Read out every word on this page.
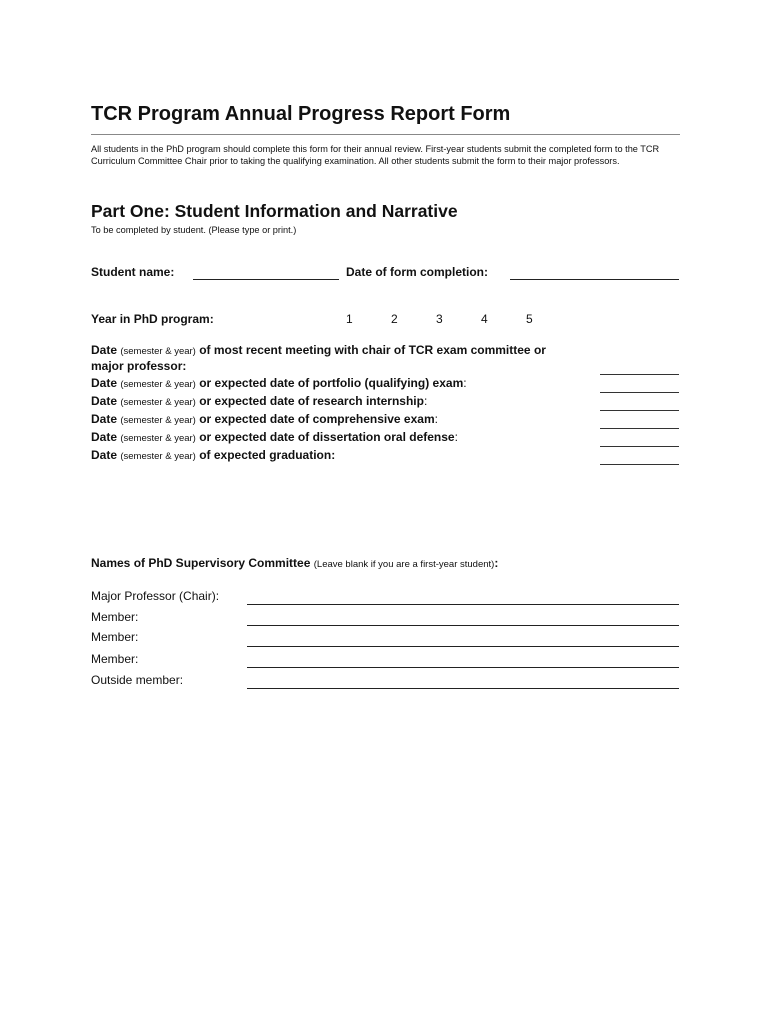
TCR Program Annual Progress Report Form
All students in the PhD program should complete this form for their annual review. First-year students submit the completed form to the TCR Curriculum Committee Chair prior to taking the qualifying examination. All other students submit the form to their major professors.
Part One: Student Information and Narrative
To be completed by student. (Please type or print.)
Student name:	Date of form completion:
Year in PhD program:	1	2	3	4	5
Date (semester & year) of most recent meeting with chair of TCR exam committee or
major professor:
Date (semester & year) or expected date of portfolio (qualifying) exam:
Date (semester & year) or expected date of research internship:
Date (semester & year) or expected date of comprehensive exam:
Date (semester & year) or expected date of dissertation oral defense:
Date (semester & year) of expected graduation:
Names of PhD Supervisory Committee (Leave blank if you are a first-year student):
Major Professor (Chair):
Member:
Member:
Member:
Outside member:
